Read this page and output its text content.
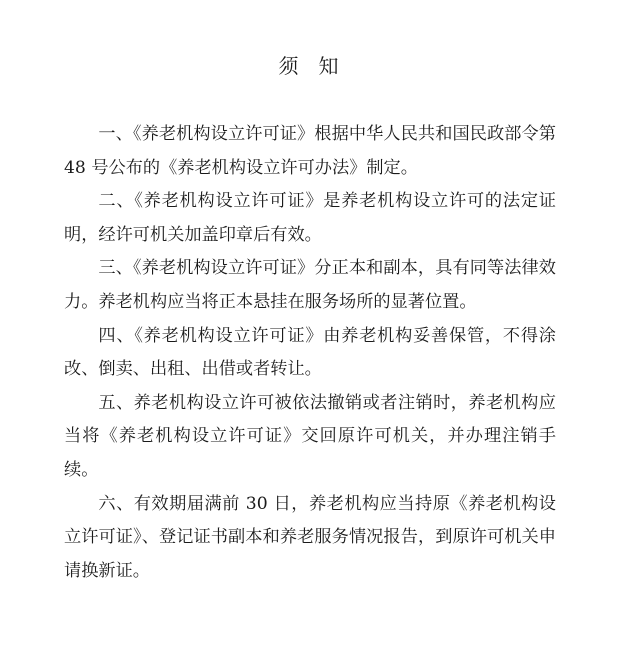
须　知

一、《养老机构设立许可证》根据中华人民共和国民政部令第 48 号公布的《养老机构设立许可办法》制定。

二、《养老机构设立许可证》是养老机构设立许可的法定证明，经许可机关加盖印章后有效。

三、《养老机构设立许可证》分正本和副本，具有同等法律效力。养老机构应当将正本悬挂在服务场所的显著位置。

四、《养老机构设立许可证》由养老机构妥善保管，不得涂改、倒卖、出租、出借或者转让。

五、养老机构设立许可被依法撤销或者注销时，养老机构应当将《养老机构设立许可证》交回原许可机关，并办理注销手续。

六、有效期届满前 30 日，养老机构应当持原《养老机构设立许可证》、登记证书副本和养老服务情况报告，到原许可机关申请换新证。
